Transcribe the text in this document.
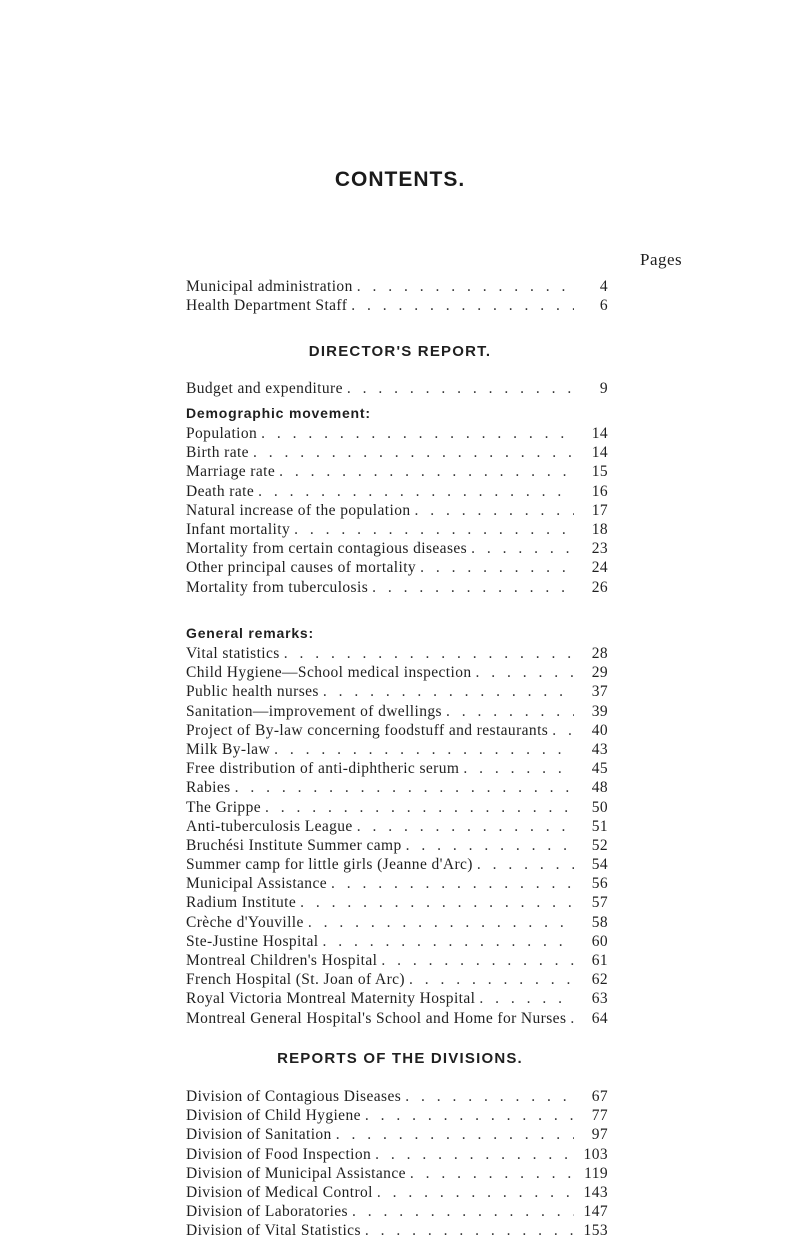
CONTENTS.
Pages
Municipal administration . . .	4
Health Department Staff . . .	6
DIRECTOR'S REPORT.
Budget and expenditure . . .	9
Demographic movement:
Population . . .	14
Birth rate . . .	14
Marriage rate . . .	15
Death rate . . .	16
Natural increase of the population . . .	17
Infant mortality . . .	18
Mortality from certain contagious diseases . . .	23
Other principal causes of mortality . . .	24
Mortality from tuberculosis . . .	26
General remarks:
Vital statistics . . .	28
Child Hygiene—School medical inspection . . .	29
Public health nurses . . .	37
Sanitation—improvement of dwellings . . .	39
Project of By-law concerning foodstuff and restaurants . . .	40
Milk By-law . . .	43
Free distribution of anti-diphtheric serum . . .	45
Rabies . . .	48
The Grippe . . .	50
Anti-tuberculosis League . . .	51
Bruchési Institute Summer camp . . .	52
Summer camp for little girls (Jeanne d'Arc) . . .	54
Municipal Assistance . . .	56
Radium Institute . . .	57
Crèche d'Youville . . .	58
Ste-Justine Hospital . . .	60
Montreal Children's Hospital . . .	61
French Hospital (St. Joan of Arc) . . .	62
Royal Victoria Montreal Maternity Hospital . . .	63
Montreal General Hospital's School and Home for Nurses . . .	64
REPORTS OF THE DIVISIONS.
Division of Contagious Diseases . . .	67
Division of Child Hygiene . . .	77
Division of Sanitation . . .	97
Division of Food Inspection . . .	103
Division of Municipal Assistance . . .	119
Division of Medical Control . . .	143
Division of Laboratories . . .	147
Division of Vital Statistics . . .	153
